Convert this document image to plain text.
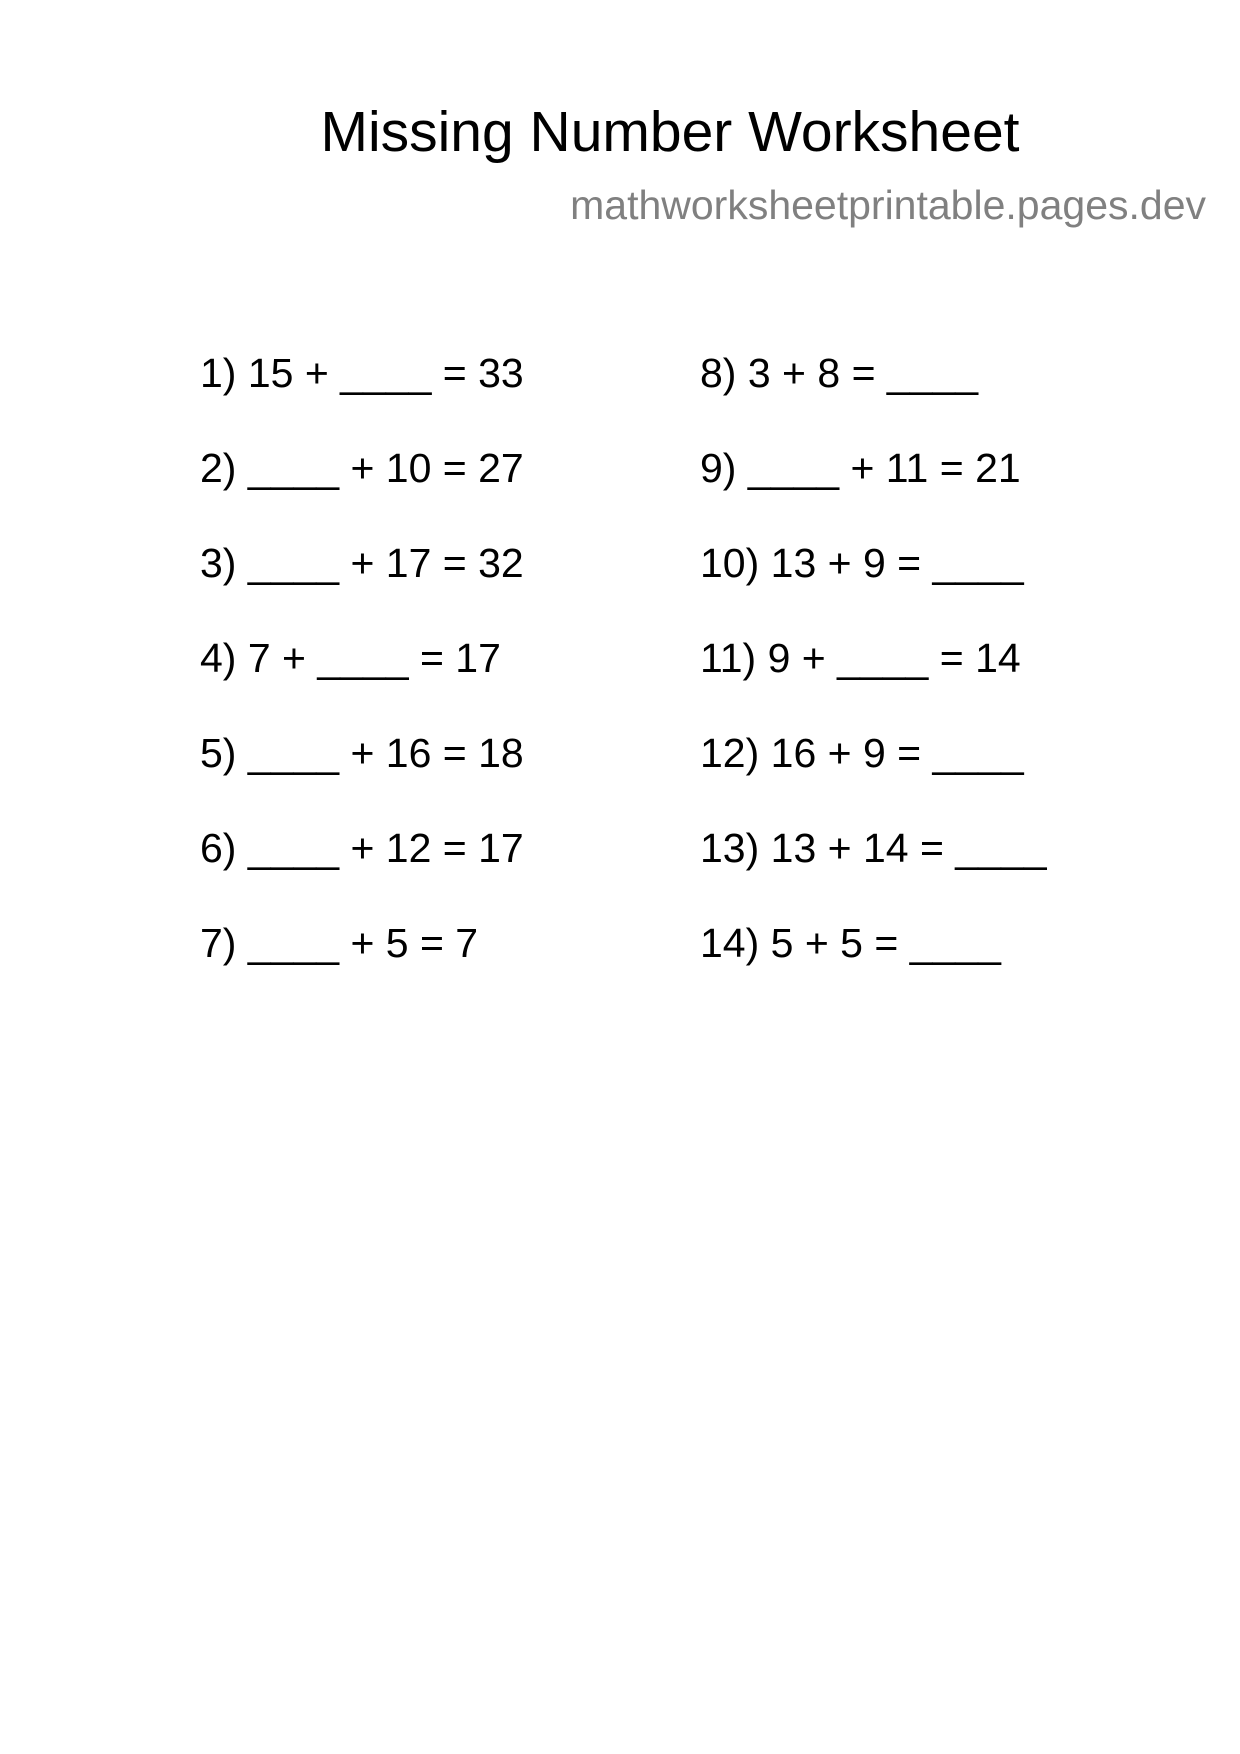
Missing Number Worksheet
mathworksheetprintable.pages.dev
1) 15 + ____ = 33
2) ____ + 10 = 27
3) ____ + 17 = 32
4) 7 + ____ = 17
5) ____ + 16 = 18
6) ____ + 12 = 17
7) ____ + 5 = 7
8) 3 + 8 = ____
9) ____ + 11 = 21
10) 13 + 9 = ____
11) 9 + ____ = 14
12) 16 + 9 = ____
13) 13 + 14 = ____
14) 5 + 5 = ____
